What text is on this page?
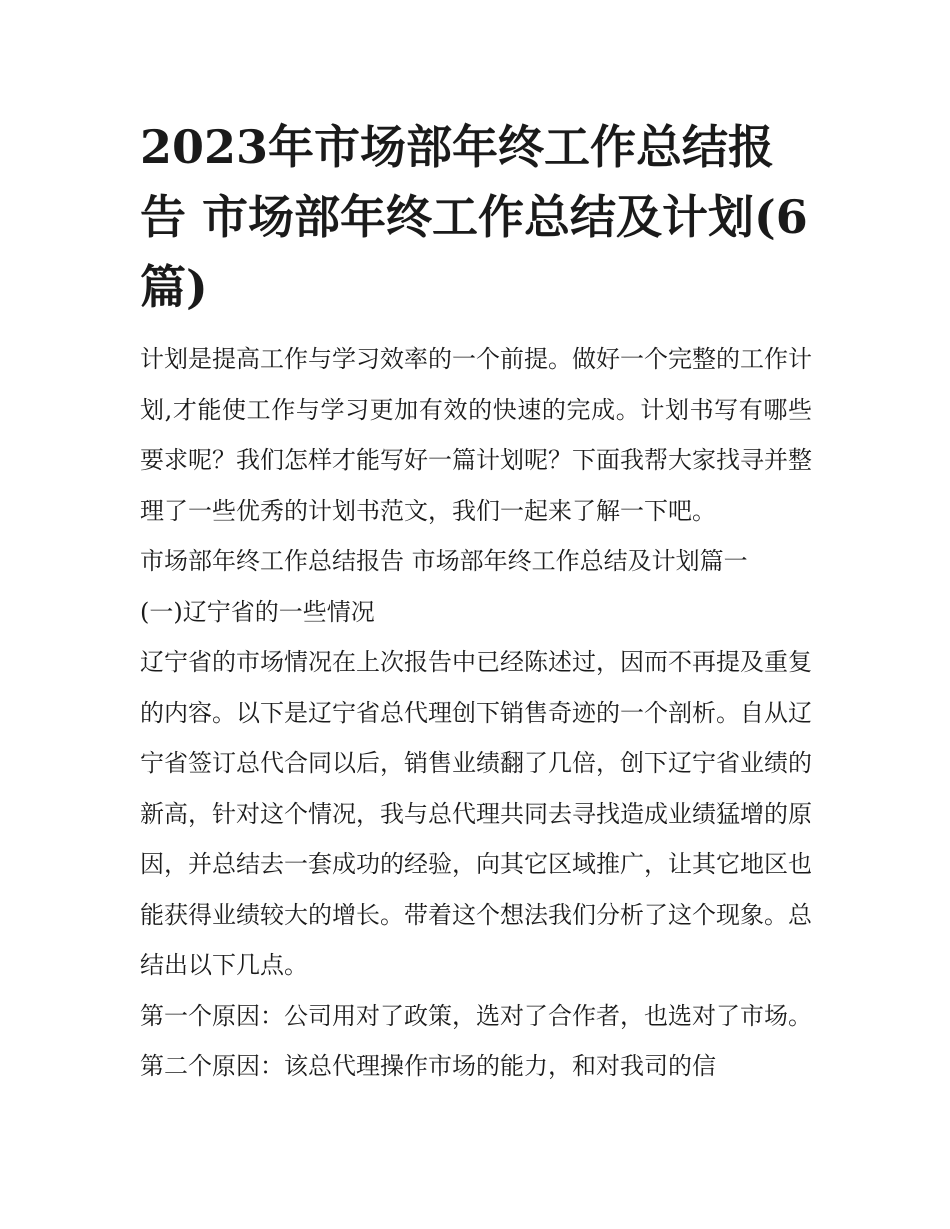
2023年市场部年终工作总结报告 市场部年终工作总结及计划(6篇)

计划是提高工作与学习效率的一个前提。做好一个完整的工作计划,才能使工作与学习更加有效的快速的完成。计划书写有哪些要求呢？我们怎样才能写好一篇计划呢？下面我帮大家找寻并整理了一些优秀的计划书范文，我们一起来了解一下吧。

市场部年终工作总结报告 市场部年终工作总结及计划篇一

(一)辽宁省的一些情况

辽宁省的市场情况在上次报告中已经陈述过，因而不再提及重复的内容。以下是辽宁省总代理创下销售奇迹的一个剖析。自从辽宁省签订总代合同以后，销售业绩翻了几倍，创下辽宁省业绩的新高，针对这个情况，我与总代理共同去寻找造成业绩猛增的原因，并总结去一套成功的经验，向其它区域推广，让其它地区也能获得业绩较大的增长。带着这个想法我们分析了这个现象。总结出以下几点。

第一个原因：公司用对了政策，选对了合作者，也选对了市场。 第二个原因：该总代理操作市场的能力，和对我司的信
